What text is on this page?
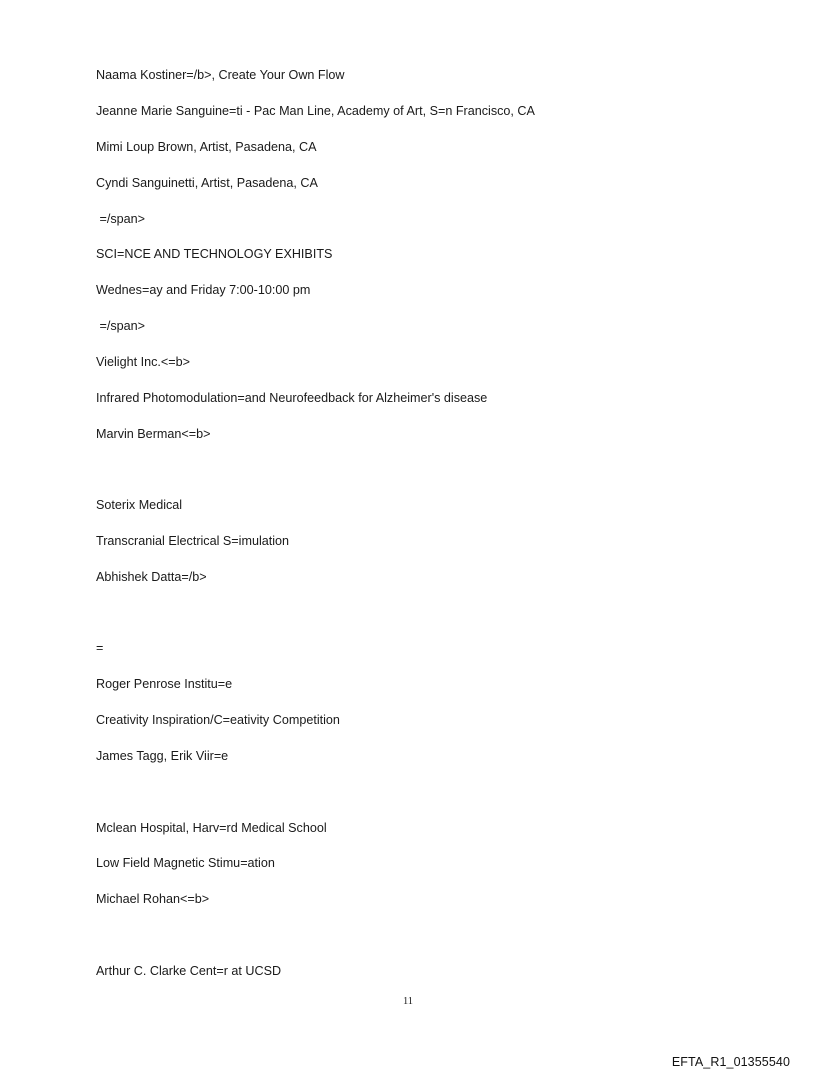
Naama Kostiner=/b>, Create Your Own Flow
Jeanne Marie Sanguine=ti - Pac Man Line, Academy of Art, S=n Francisco, CA
Mimi Loup Brown, Artist, Pasadena, CA
Cyndi Sanguinetti, Artist, Pasadena, CA
=/span>
SCI=NCE AND TECHNOLOGY EXHIBITS
Wednes=ay and Friday 7:00-10:00 pm
=/span>
Vielight Inc.<=b>
Infrared Photomodulation=and Neurofeedback for Alzheimer's disease
Marvin Berman<=b>
Soterix Medical
Transcranial Electrical S=imulation
Abhishek Datta=/b>
=
Roger Penrose Institu=e
Creativity Inspiration/C=eativity Competition
James Tagg, Erik Viir=e
Mclean Hospital, Harv=rd Medical School
Low Field Magnetic Stimu=ation
Michael Rohan<=b>
Arthur C. Clarke Cent=r at UCSD
11
EFTA_R1_01355540
